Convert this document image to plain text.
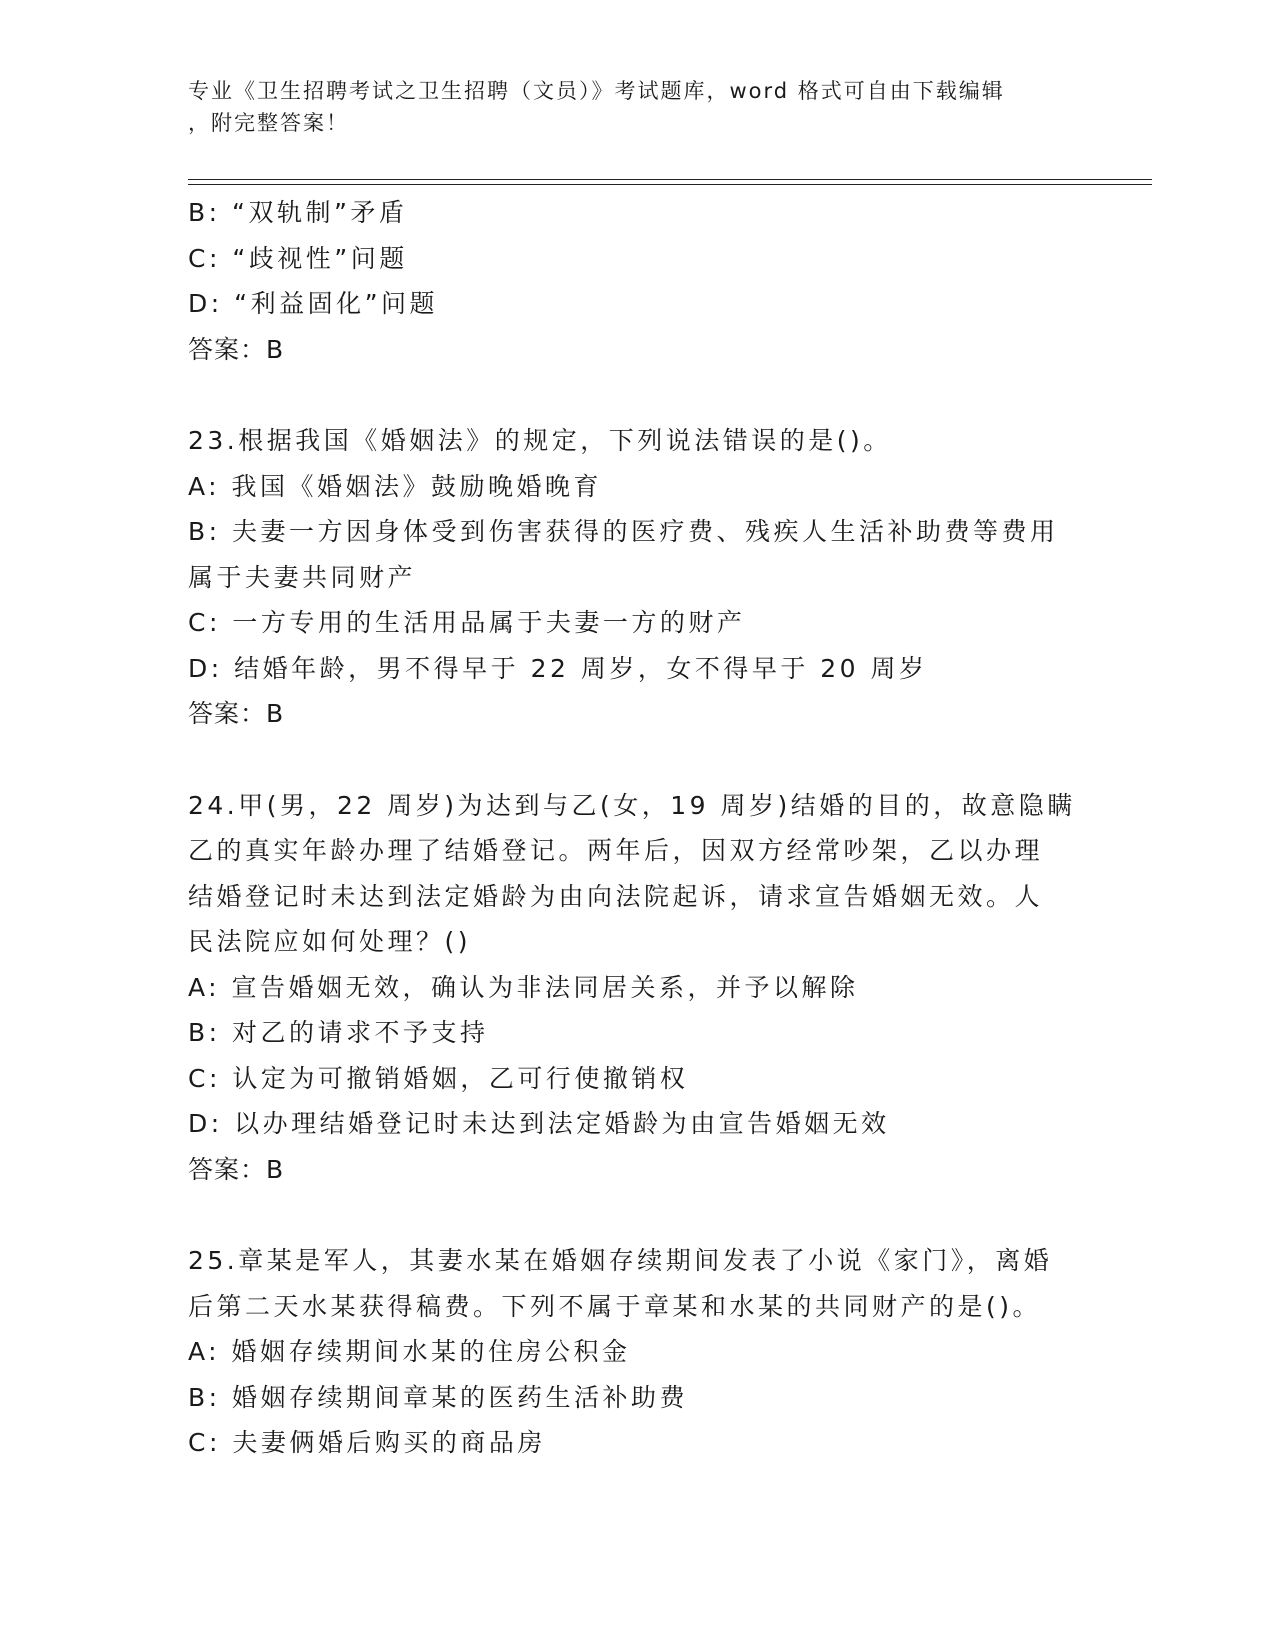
专业《卫生招聘考试之卫生招聘（文员）》考试题库，word 格式可自由下载编辑
，附完整答案！
B: “双轨制”矛盾
C: “歧视性”问题
D: “利益固化”问题
答案：B
23.根据我国《婚姻法》的规定，下列说法错误的是()。
A: 我国《婚姻法》鼓励晚婚晚育
B: 夫妻一方因身体受到伤害获得的医疗费、残疾人生活补助费等费用
属于夫妻共同财产
C: 一方专用的生活用品属于夫妻一方的财产
D: 结婚年龄，男不得早于 22 周岁，女不得早于 20 周岁
答案：B
24.甲(男，22 周岁)为达到与乙(女，19 周岁)结婚的目的，故意隐瞒
乙的真实年龄办理了结婚登记。两年后，因双方经常吵架，乙以办理
结婚登记时未达到法定婚龄为由向法院起诉，请求宣告婚姻无效。人
民法院应如何处理？()
A: 宣告婚姻无效，确认为非法同居关系，并予以解除
B: 对乙的请求不予支持
C: 认定为可撤销婚姻，乙可行使撤销权
D: 以办理结婚登记时未达到法定婚龄为由宣告婚姻无效
答案：B
25.章某是军人，其妻水某在婚姻存续期间发表了小说《家门》，离婚
后第二天水某获得稿费。下列不属于章某和水某的共同财产的是()。
A: 婚姻存续期间水某的住房公积金
B: 婚姻存续期间章某的医药生活补助费
C: 夫妻俩婚后购买的商品房
